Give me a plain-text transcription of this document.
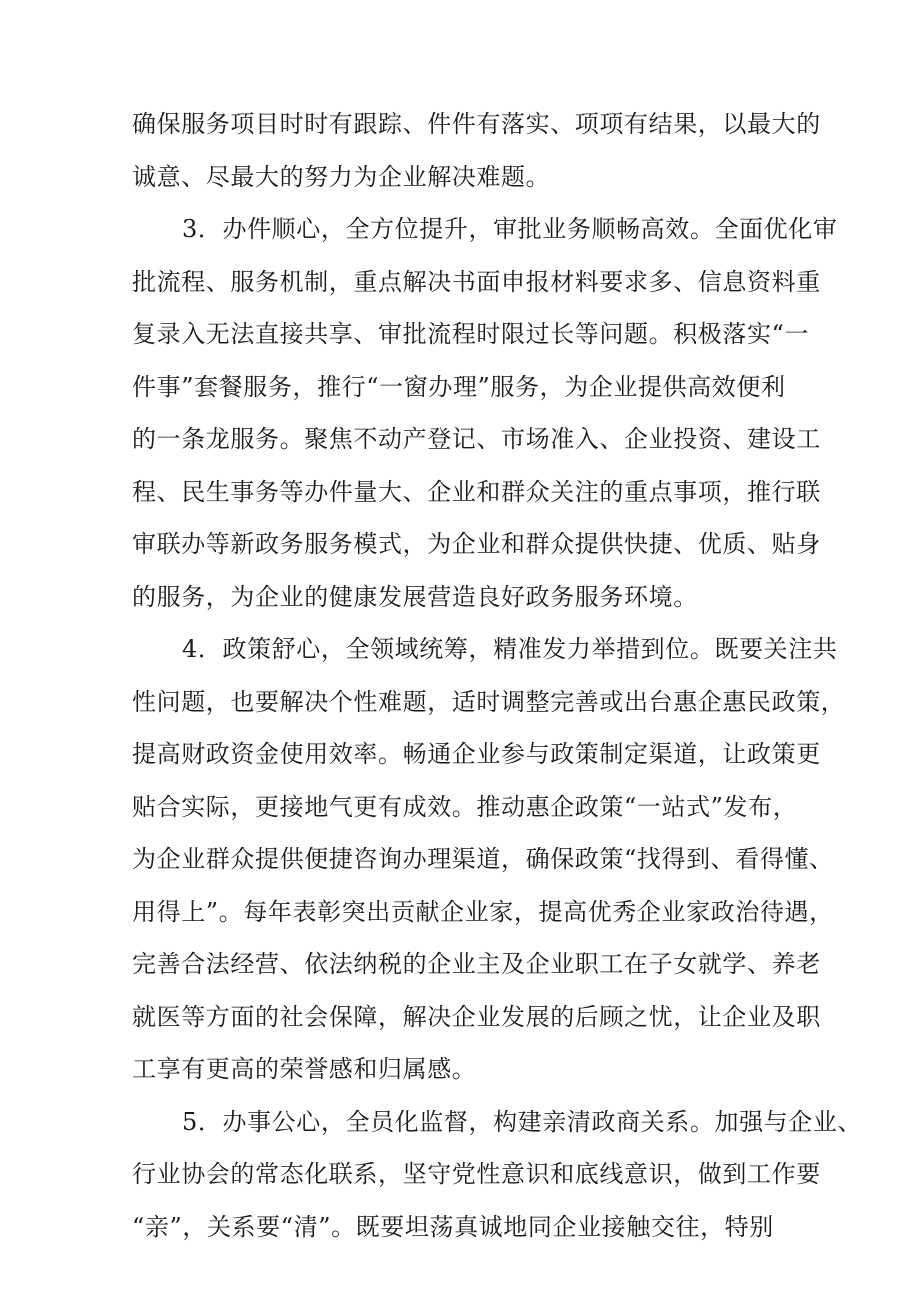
确保服务项目时时有跟踪、件件有落实、项项有结果，以最大的
诚意、尽最大的努力为企业解决难题。
3．办件顺心，全方位提升，审批业务顺畅高效。全面优化审
批流程、服务机制，重点解决书面申报材料要求多、信息资料重
复录入无法直接共享、审批流程时限过长等问题。积极落实“一
件事”套餐服务，推行“一窗办理”服务，为企业提供高效便利
的一条龙服务。聚焦不动产登记、市场准入、企业投资、建设工
程、民生事务等办件量大、企业和群众关注的重点事项，推行联
审联办等新政务服务模式，为企业和群众提供快捷、优质、贴身
的服务，为企业的健康发展营造良好政务服务环境。
4．政策舒心，全领域统筹，精准发力举措到位。既要关注共
性问题，也要解决个性难题，适时调整完善或出台惠企惠民政策，
提高财政资金使用效率。畅通企业参与政策制定渠道，让政策更
贴合实际，更接地气更有成效。推动惠企政策“一站式”发布，
为企业群众提供便捷咨询办理渠道，确保政策“找得到、看得懂、
用得上”。每年表彰突出贡献企业家，提高优秀企业家政治待遇，
完善合法经营、依法纳税的企业主及企业职工在子女就学、养老
就医等方面的社会保障，解决企业发展的后顾之忧，让企业及职
工享有更高的荣誉感和归属感。
5．办事公心，全员化监督，构建亲清政商关系。加强与企业、
行业协会的常态化联系，坚守党性意识和底线意识，做到工作要
“亲”，关系要“清”。既要坦荡真诚地同企业接触交往，特别
